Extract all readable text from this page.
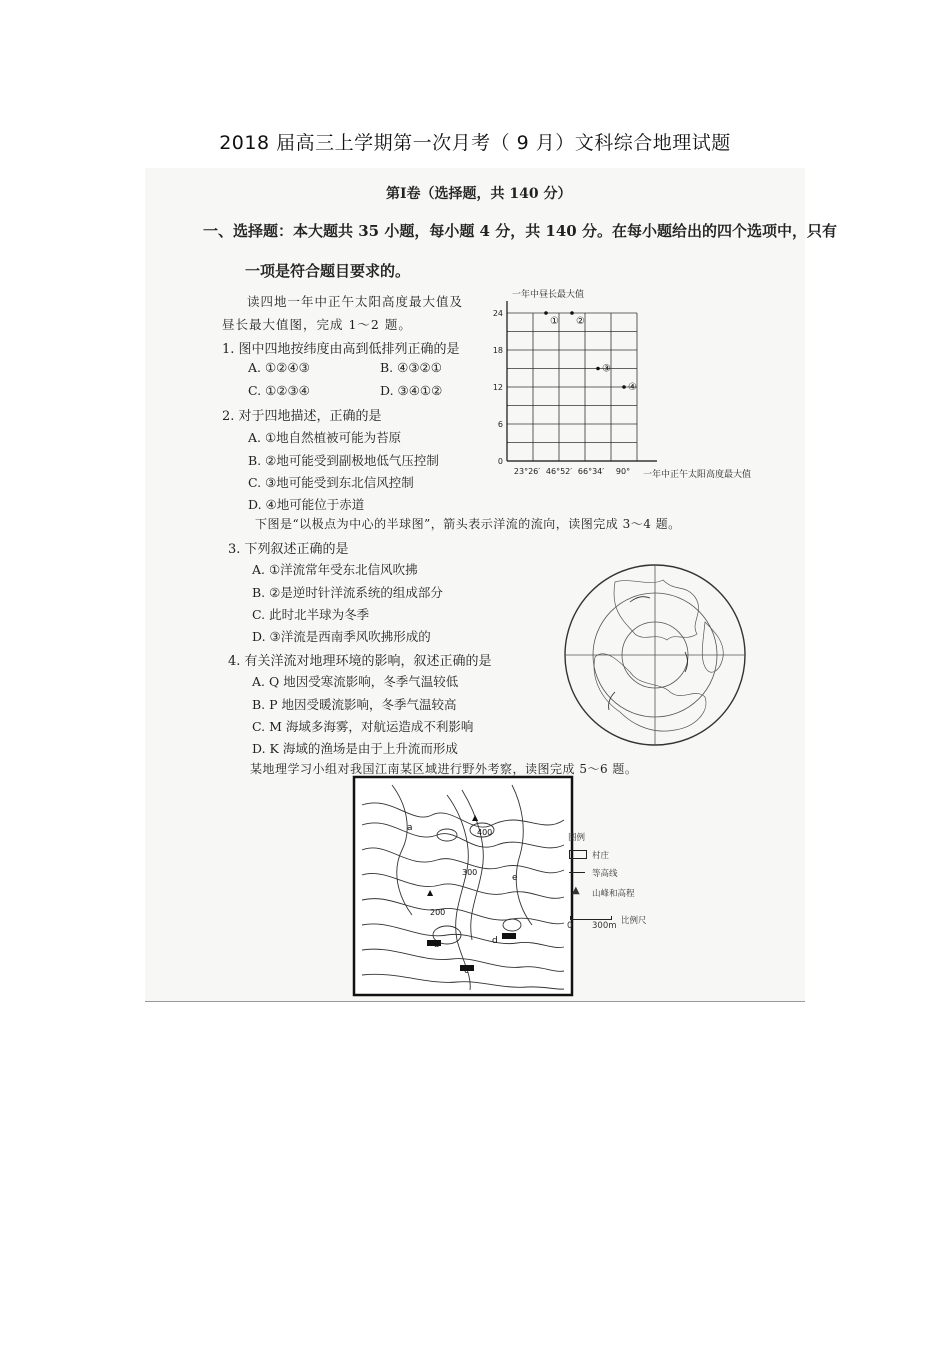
2018 届高三上学期第一次月考（ 9 月）文科综合地理试题
第Ⅰ卷（选择题，共 140 分）
一、选择题：本大题共 35 小题，每小题 4 分，共 140 分。在每小题给出的四个选项中，只有
一项是符合题目要求的。
读四地一年中正午太阳高度最大值及
昼长最大值图，完成 1～2 题。
1. 图中四地按纬度由高到低排列正确的是
A. ①②④③	B. ④③②①
C. ①②③④	D. ③④①②
2. 对于四地描述，正确的是
A. ①地自然植被可能为苔原
B. ②地可能受到副极地低气压控制
C. ③地可能受到东北信风控制
D. ④地可能位于赤道
0
6
12
18
24
23°26′ 46°52′ 66°34′ 90°
① ②
③
④
一年中昼长最大值
一年中正午太阳高度最大值
下图是“以极点为中心的半球图”，箭头表示洋流的流向，读图完成 3～4 题。
3. 下列叙述正确的是
A. ①洋流常年受东北信风吹拂
B. ②是逆时针洋流系统的组成部分
C. 此时北半球为冬季
D. ③洋流是西南季风吹拂形成的
4. 有关洋流对地理环境的影响，叙述正确的是
A. Q 地因受寒流影响，冬季气温较低
B. P 地因受暖流影响，冬季气温较高
C. M 海域多海雾，对航运造成不利影响
D. K 海域的渔场是由于上升流而形成
某地理学习小组对我国江南某区域进行野外考察，读图完成 5～6 题。
400
300
200
a
d
e
▲
▲
图例
村庄
等高线
▲ 山峰和高程
0 300m 比例尺
